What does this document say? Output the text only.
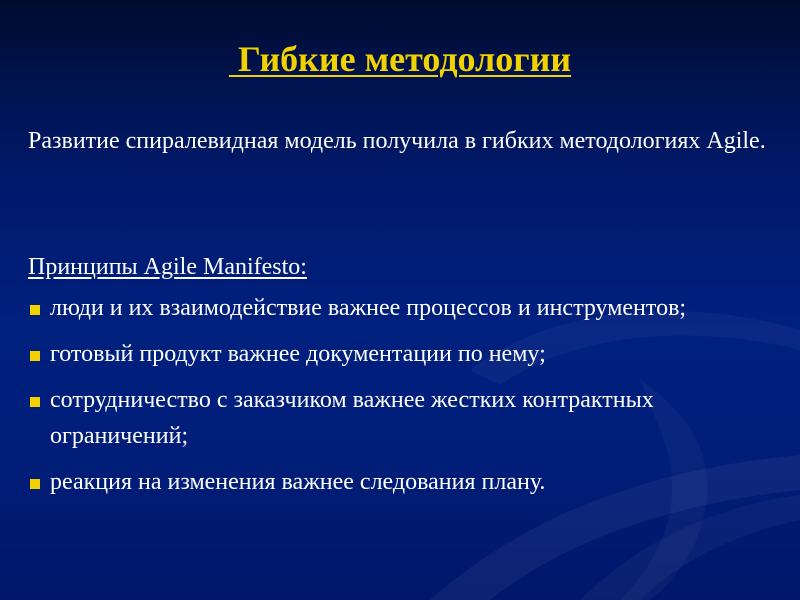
Гибкие методологии

Развитие спиралевидная модель получила в гибких методологиях Agile.

Принципы Agile Manifesto:

люди и их взаимодействие важнее процессов и инструментов;
готовый продукт важнее документации по нему;
сотрудничество с заказчиком важнее жестких контрактных ограничений;
реакция на изменения важнее следования плану.
